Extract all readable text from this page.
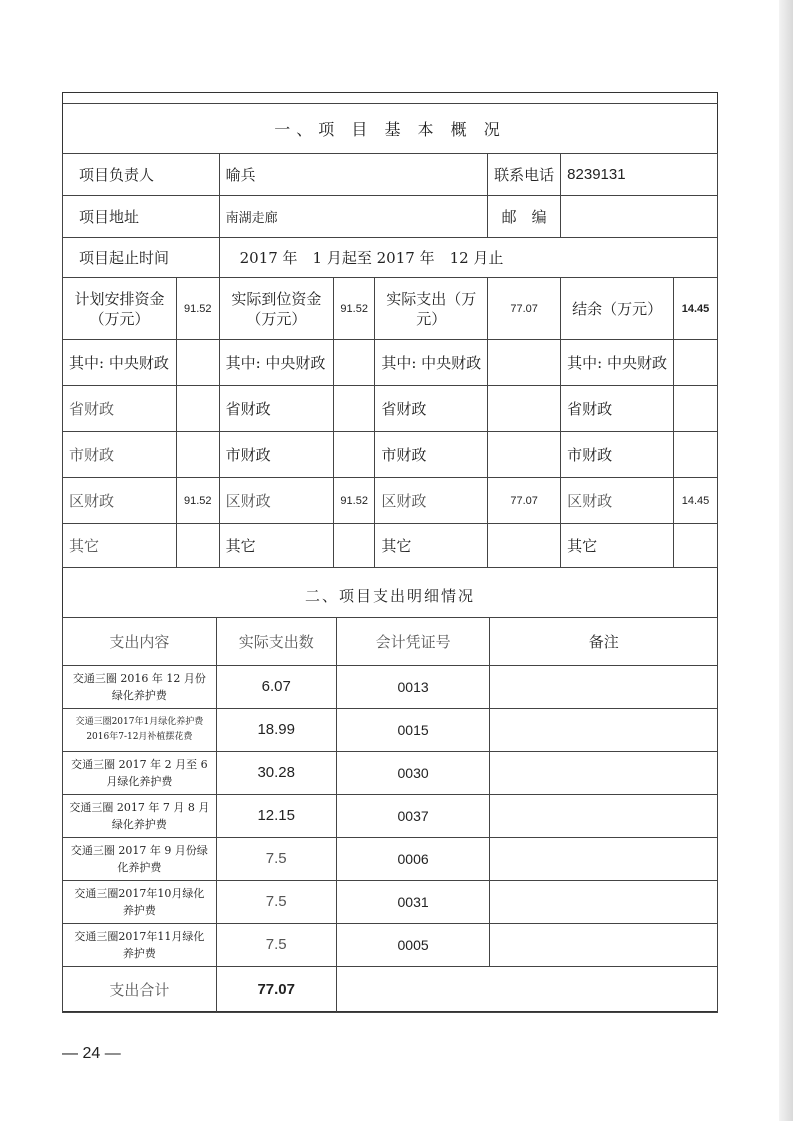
一、项 目 基 本 概 况							
项目负责人		喻兵			联系电话	8239131	
项目地址		南湖走廊			邮　编		
项目起止时间		2017 年　1 月起至 2017 年　12 月止					
计划安排资金（万元）	91.52	实际到位资金（万元）	91.52	实际支出（万元）	77.07	结余（万元）	14.45
其中: 中央财政		其中: 中央财政		其中: 中央财政		其中: 中央财政	
省财政		省财政		省财政		省财政	
市财政		市财政		市财政		市财政	
区财政	91.52	区财政	91.52	区财政	77.07	区财政	14.45
其它		其它		其它		其它	
二、项目支出明细情况			
支出内容	实际支出数	会计凭证号	备注
交通三圈 2016 年 12 月份绿化养护费	6.07	0013	
交通三圈2017年1月绿化养护费2016年7-12月补植摆花费	18.99	0015	
交通三圈 2017 年 2 月至 6 月绿化养护费	30.28	0030	
交通三圈 2017 年 7 月 8 月绿化养护费	12.15	0037	
交通三圈 2017 年 9 月份绿化养护费	7.5	0006	
交通三圈2017年10月绿化养护费	7.5	0031	
交通三圈2017年11月绿化养护费	7.5	0005	
支出合计	77.07		
— 24 —
